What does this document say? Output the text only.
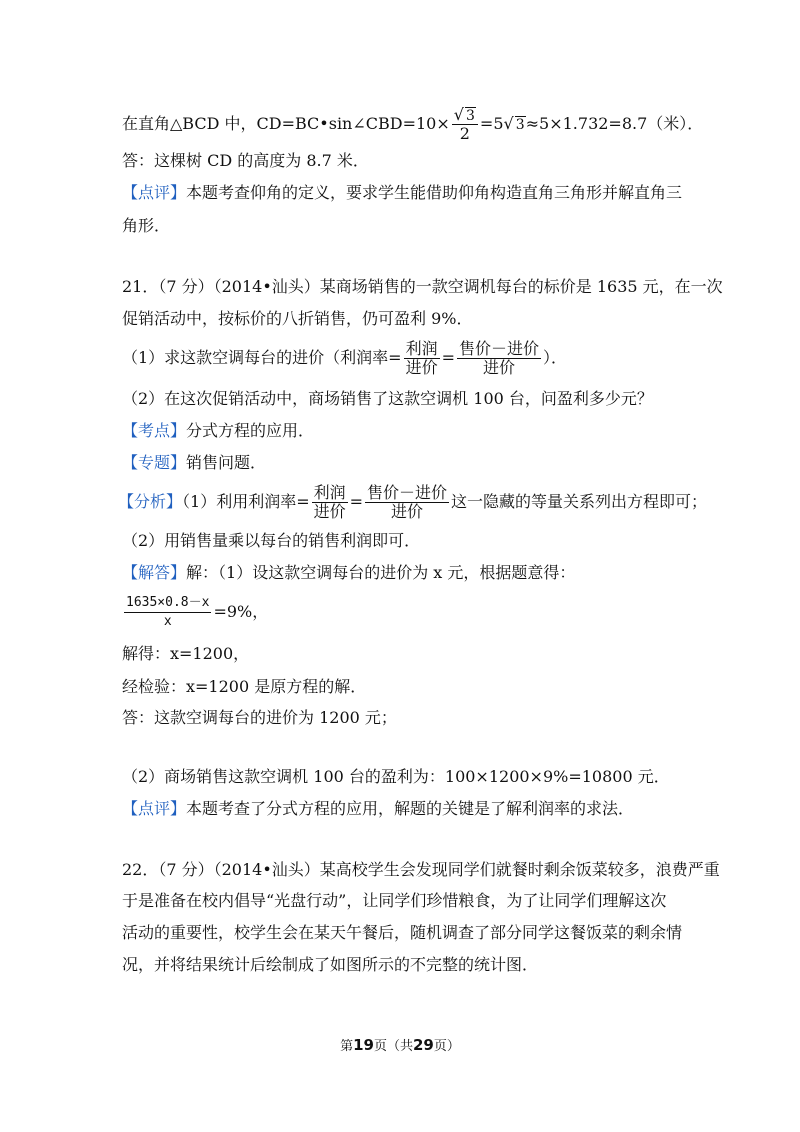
在直角△BCD 中，CD=BC•sin∠CBD=10× $\frac{√ 3}{2} =5√$ 3≈5×1.732=8.7（米）．
答：这棵树 CD 的高度为 8.7 米．
【点评】本题考查仰角的定义，要求学生能借助仰角构造直角三角形并解直角三
角形．
21．（7 分）（2014•汕头）某商场销售的一款空调机每台的标价是 1635 元，在一次
促销活动中，按标价的八折销售，仍可盈利 9%．
（1）求这款空调每台的进价（利润率= $\frac{\text{利润}}{\text{进价}} = \frac{\text{售价－进价}}{\text{进价}}$ ）．
（2）在这次促销活动中，商场销售了这款空调机 100 台，问盈利多少元？
【考点】分式方程的应用．
【专题】销售问题．
【分析】（1）利用利润率= $\frac{\text{利润}}{\text{进价}} = \frac{\text{售价－进价}}{\text{进价}}$ 这一隐藏的等量关系列出方程即可；
（2）用销售量乘以每台的销售利润即可．
【解答】解：（1）设这款空调每台的进价为 x 元，根据题意得：
$\frac{1635\times 0.8-x}{x} =9\%$，
解得：x=1200，
经检验：x=1200 是原方程的解．
答：这款空调每台的进价为 1200 元；
（2）商场销售这款空调机 100 台的盈利为：100×1200×9%=10800 元．
【点评】本题考查了分式方程的应用，解题的关键是了解利润率的求法．
22．（7 分）（2014•汕头）某高校学生会发现同学们就餐时剩余饭菜较多，浪费严重
于是准备在校内倡导“光盘行动”，让同学们珍惜粮食，为了让同学们理解这次
活动的重要性，校学生会在某天午餐后，随机调查了部分同学这餐饭菜的剩余情
况，并将结果统计后绘制成了如图所示的不完整的统计图．
第19页（共29页）
